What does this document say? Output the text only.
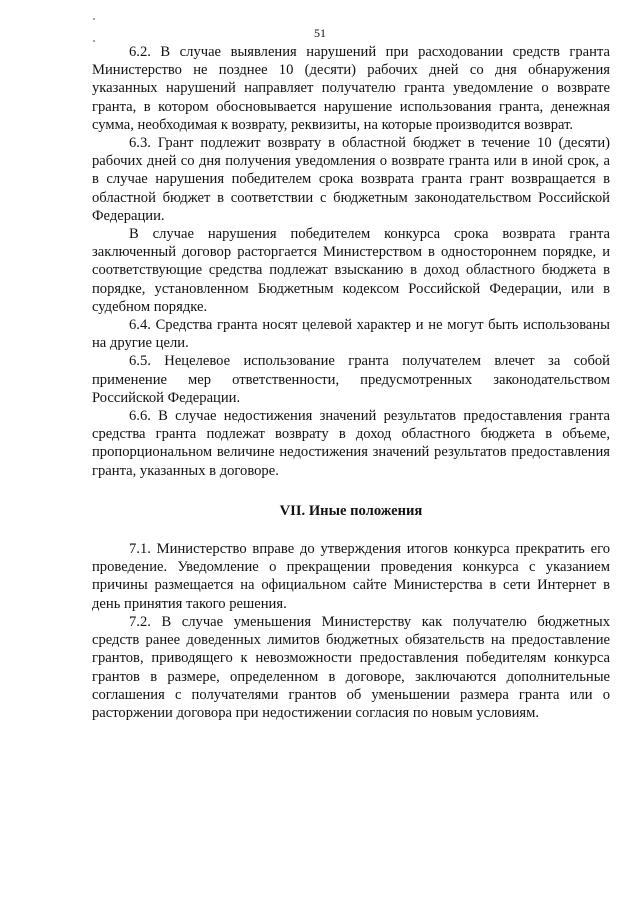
51

6.2. В случае выявления нарушений при расходовании средств гранта Министерство не позднее 10 (десяти) рабочих дней со дня обнаружения указанных нарушений направляет получателю гранта уведомление о возврате гранта, в котором обосновывается нарушение использования гранта, денежная сумма, необходимая к возврату, реквизиты, на которые производится возврат.

6.3. Грант подлежит возврату в областной бюджет в течение 10 (десяти) рабочих дней со дня получения уведомления о возврате гранта или в иной срок, а в случае нарушения победителем срока возврата гранта грант возвращается в областной бюджет в соответствии с бюджетным законодательством Российской Федерации.

В случае нарушения победителем конкурса срока возврата гранта заключенный договор расторгается Министерством в одностороннем порядке, и соответствующие средства подлежат взысканию в доход областного бюджета в порядке, установленном Бюджетным кодексом Российской Федерации, или в судебном порядке.

6.4. Средства гранта носят целевой характер и не могут быть использованы на другие цели.

6.5. Нецелевое использование гранта получателем влечет за собой применение мер ответственности, предусмотренных законодательством Российской Федерации.

6.6. В случае недостижения значений результатов предоставления гранта средства гранта подлежат возврату в доход областного бюджета в объеме, пропорциональном величине недостижения значений результатов предоставления гранта, указанных в договоре.

VII. Иные положения

7.1. Министерство вправе до утверждения итогов конкурса прекратить его проведение. Уведомление о прекращении проведения конкурса с указанием причины размещается на официальном сайте Министерства в сети Интернет в день принятия такого решения.

7.2. В случае уменьшения Министерству как получателю бюджетных средств ранее доведенных лимитов бюджетных обязательств на предоставление грантов, приводящего к невозможности предоставления победителям конкурса грантов в размере, определенном в договоре, заключаются дополнительные соглашения с получателями грантов об уменьшении размера гранта или о расторжении договора при недостижении согласия по новым условиям.
